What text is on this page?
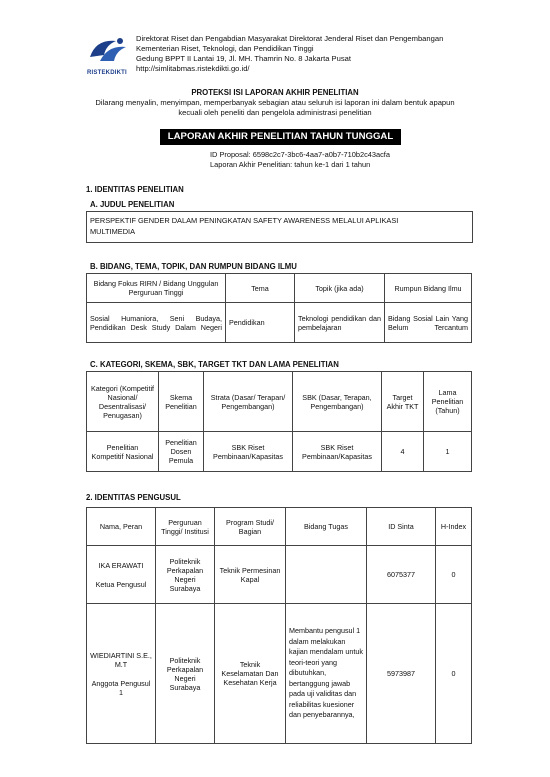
RISTEKDIKTI
Direktorat Riset dan Pengabdian Masyarakat Direktorat Jenderal Riset dan Pengembangan
Kementerian Riset, Teknologi, dan Pendidikan Tinggi
Gedung BPPT II Lantai 19, Jl. MH. Thamrin No. 8 Jakarta Pusat
http://simlitabmas.ristekdikti.go.id/
PROTEKSI ISI LAPORAN AKHIR PENELITIAN
Dilarang menyalin, menyimpan, memperbanyak sebagian atau seluruh isi laporan ini dalam bentuk apapun
kecuali oleh peneliti dan pengelola administrasi penelitian
LAPORAN AKHIR PENELITIAN TAHUN TUNGGAL
ID Proposal: 6598c2c7-3bc6-4aa7-a0b7-710b2c43acfa
Laporan Akhir Penelitian: tahun ke-1 dari 1 tahun
1. IDENTITAS PENELITIAN
A. JUDUL PENELITIAN
PERSPEKTIF GENDER DALAM PENINGKATAN SAFETY AWARENESS MELALUI APLIKASI
MULTIMEDIA
B. BIDANG, TEMA, TOPIK, DAN RUMPUN BIDANG ILMU
Bidang Fokus RIRN / Bidang Unggulan Perguruan Tinggi	Tema	Topik (jika ada)	Rumpun Bidang Ilmu
Sosial Humaniora, Seni Budaya, Pendidikan Desk Study Dalam Negeri	Pendidikan	Teknologi pendidikan dan pembelajaran	Bidang Sosial Lain Yang Belum Tercantum
C. KATEGORI, SKEMA, SBK, TARGET TKT DAN LAMA PENELITIAN
Kategori (Kompetitif Nasional/ Desentralisasi/ Penugasan)	Skema Penelitian	Strata (Dasar/ Terapan/ Pengembangan)	SBK (Dasar, Terapan, Pengembangan)	Target Akhir TKT	Lama Penelitian (Tahun)
Penelitian Kompetitif Nasional	Penelitian Dosen Pemula	SBK Riset Pembinaan/Kapasitas	SBK Riset Pembinaan/Kapasitas	4	1
2. IDENTITAS PENGUSUL
Nama, Peran	Perguruan Tinggi/ Institusi	Program Studi/ Bagian	Bidang Tugas	ID Sinta	H-Index

IKA ERAWATI
Ketua Pengusul	Politeknik Perkapalan Negeri Surabaya	Teknik Permesinan Kapal		6075377	0

WIEDIARTINI S.E., M.T
Anggota Pengusul 1	Politeknik Perkapalan Negeri Surabaya	Teknik Keselamatan Dan Kesehatan Kerja	Membantu pengusul 1 dalam melakukan kajian mendalam untuk teori-teori yang dibutuhkan, bertanggung jawab pada uji validitas dan reliabilitas kuesioner dan penyebarannya,	5973987	0
